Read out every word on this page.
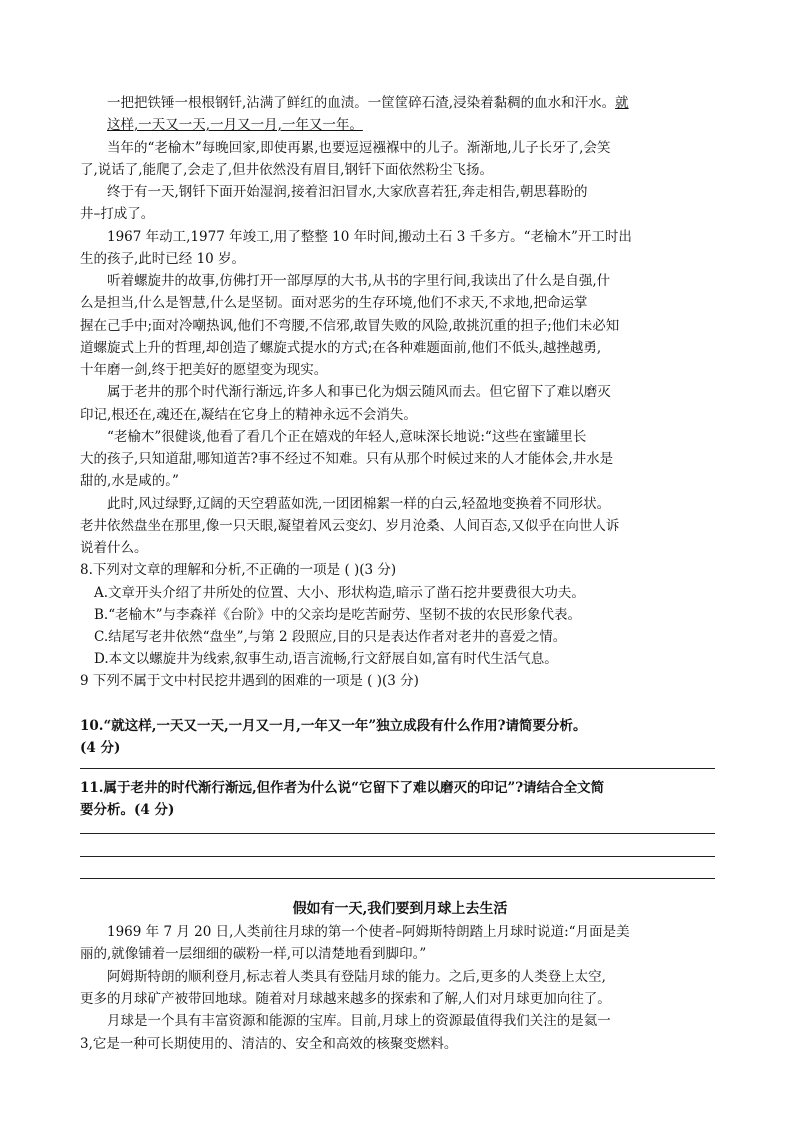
一把把铁锤一根根钢钎,沾满了鲜红的血渍。一筐筐碎石渣,浸染着黏稠的血水和汗水。就
这样,一天又一天,一月又一月,一年又一年。
当年的“老榆木”每晚回家,即使再累,也要逗逗襁褓中的儿子。渐渐地,儿子长牙了,会笑
了,说话了,能爬了,会走了,但井依然没有眉目,钢钎下面依然粉尘飞扬。
终于有一天,钢钎下面开始湿润,接着汩汩冒水,大家欣喜若狂,奔走相告,朝思暮盼的
井–打成了。
1967 年动工,1977 年竣工,用了整整 10 年时间,搬动土石 3 千多方。“老榆木”开工时出
生的孩子,此时已经 10 岁。
听着螺旋井的故事,仿佛打开一部厚厚的大书,从书的字里行间,我读出了什么是自强,什
么是担当,什么是智慧,什么是坚韧。面对恶劣的生存环境,他们不求天,不求地,把命运掌
握在己手中;面对冷嘲热讽,他们不弯腰,不信邪,敢冒失败的风险,敢挑沉重的担子;他们未必知
道螺旋式上升的哲理,却创造了螺旋式提水的方式;在各种难题面前,他们不低头,越挫越勇,
十年磨一剑,终于把美好的愿望变为现实。
属于老井的那个时代渐行渐远,许多人和事已化为烟云随风而去。但它留下了难以磨灭
印记,根还在,魂还在,凝结在它身上的精神永远不会消失。
“老榆木”很健谈,他看了看几个正在嬉戏的年轻人,意味深长地说:“这些在蜜罐里长
大的孩子,只知道甜,哪知道苦?事不经过不知难。只有从那个时候过来的人才能体会,井水是
甜的,水是咸的。”
此时,风过绿野,辽阔的天空碧蓝如洗,一团团棉絮一样的白云,轻盈地变换着不同形状。
老井依然盘坐在那里,像一只天眼,凝望着风云变幻、岁月沧桑、人间百态,又似乎在向世人诉
说着什么。
8.下列对文章的理解和分析,不正确的一项是 ( )(3 分)
A.文章开头介绍了井所处的位置、大小、形状构造,暗示了凿石挖井要费很大功夫。
B.“老榆木”与李森祥《台阶》中的父亲均是吃苦耐劳、坚韧不拔的农民形象代表。
C.结尾写老井依然“盘坐”,与第 2 段照应,目的只是表达作者对老井的喜爱之情。
D.本文以螺旋井为线索,叙事生动,语言流畅,行文舒展自如,富有时代生活气息。
9 下列不属于文中村民挖井遇到的困难的一项是 ( )(3 分)
10.“就这样,一天又一天,一月又一月,一年又一年”独立成段有什么作用?请简要分析。
(4 分)
11.属于老井的时代渐行渐远,但作者为什么说“它留下了难以磨灭的印记”?请结合全文简
要分析。(4 分)
假如有一天,我们要到月球上去生活
1969 年 7 月 20 日,人类前往月球的第一个使者–阿姆斯特朗踏上月球时说道:“月面是美
丽的,就像铺着一层细细的碳粉一样,可以清楚地看到脚印。”
阿姆斯特朗的顺利登月,标志着人类具有登陆月球的能力。之后,更多的人类登上太空,
更多的月球矿产被带回地球。随着对月球越来越多的探索和了解,人们对月球更加向往了。
月球是一个具有丰富资源和能源的宝库。目前,月球上的资源最值得我们关注的是氦一
3,它是一种可长期使用的、清洁的、安全和高效的核聚变燃料。
